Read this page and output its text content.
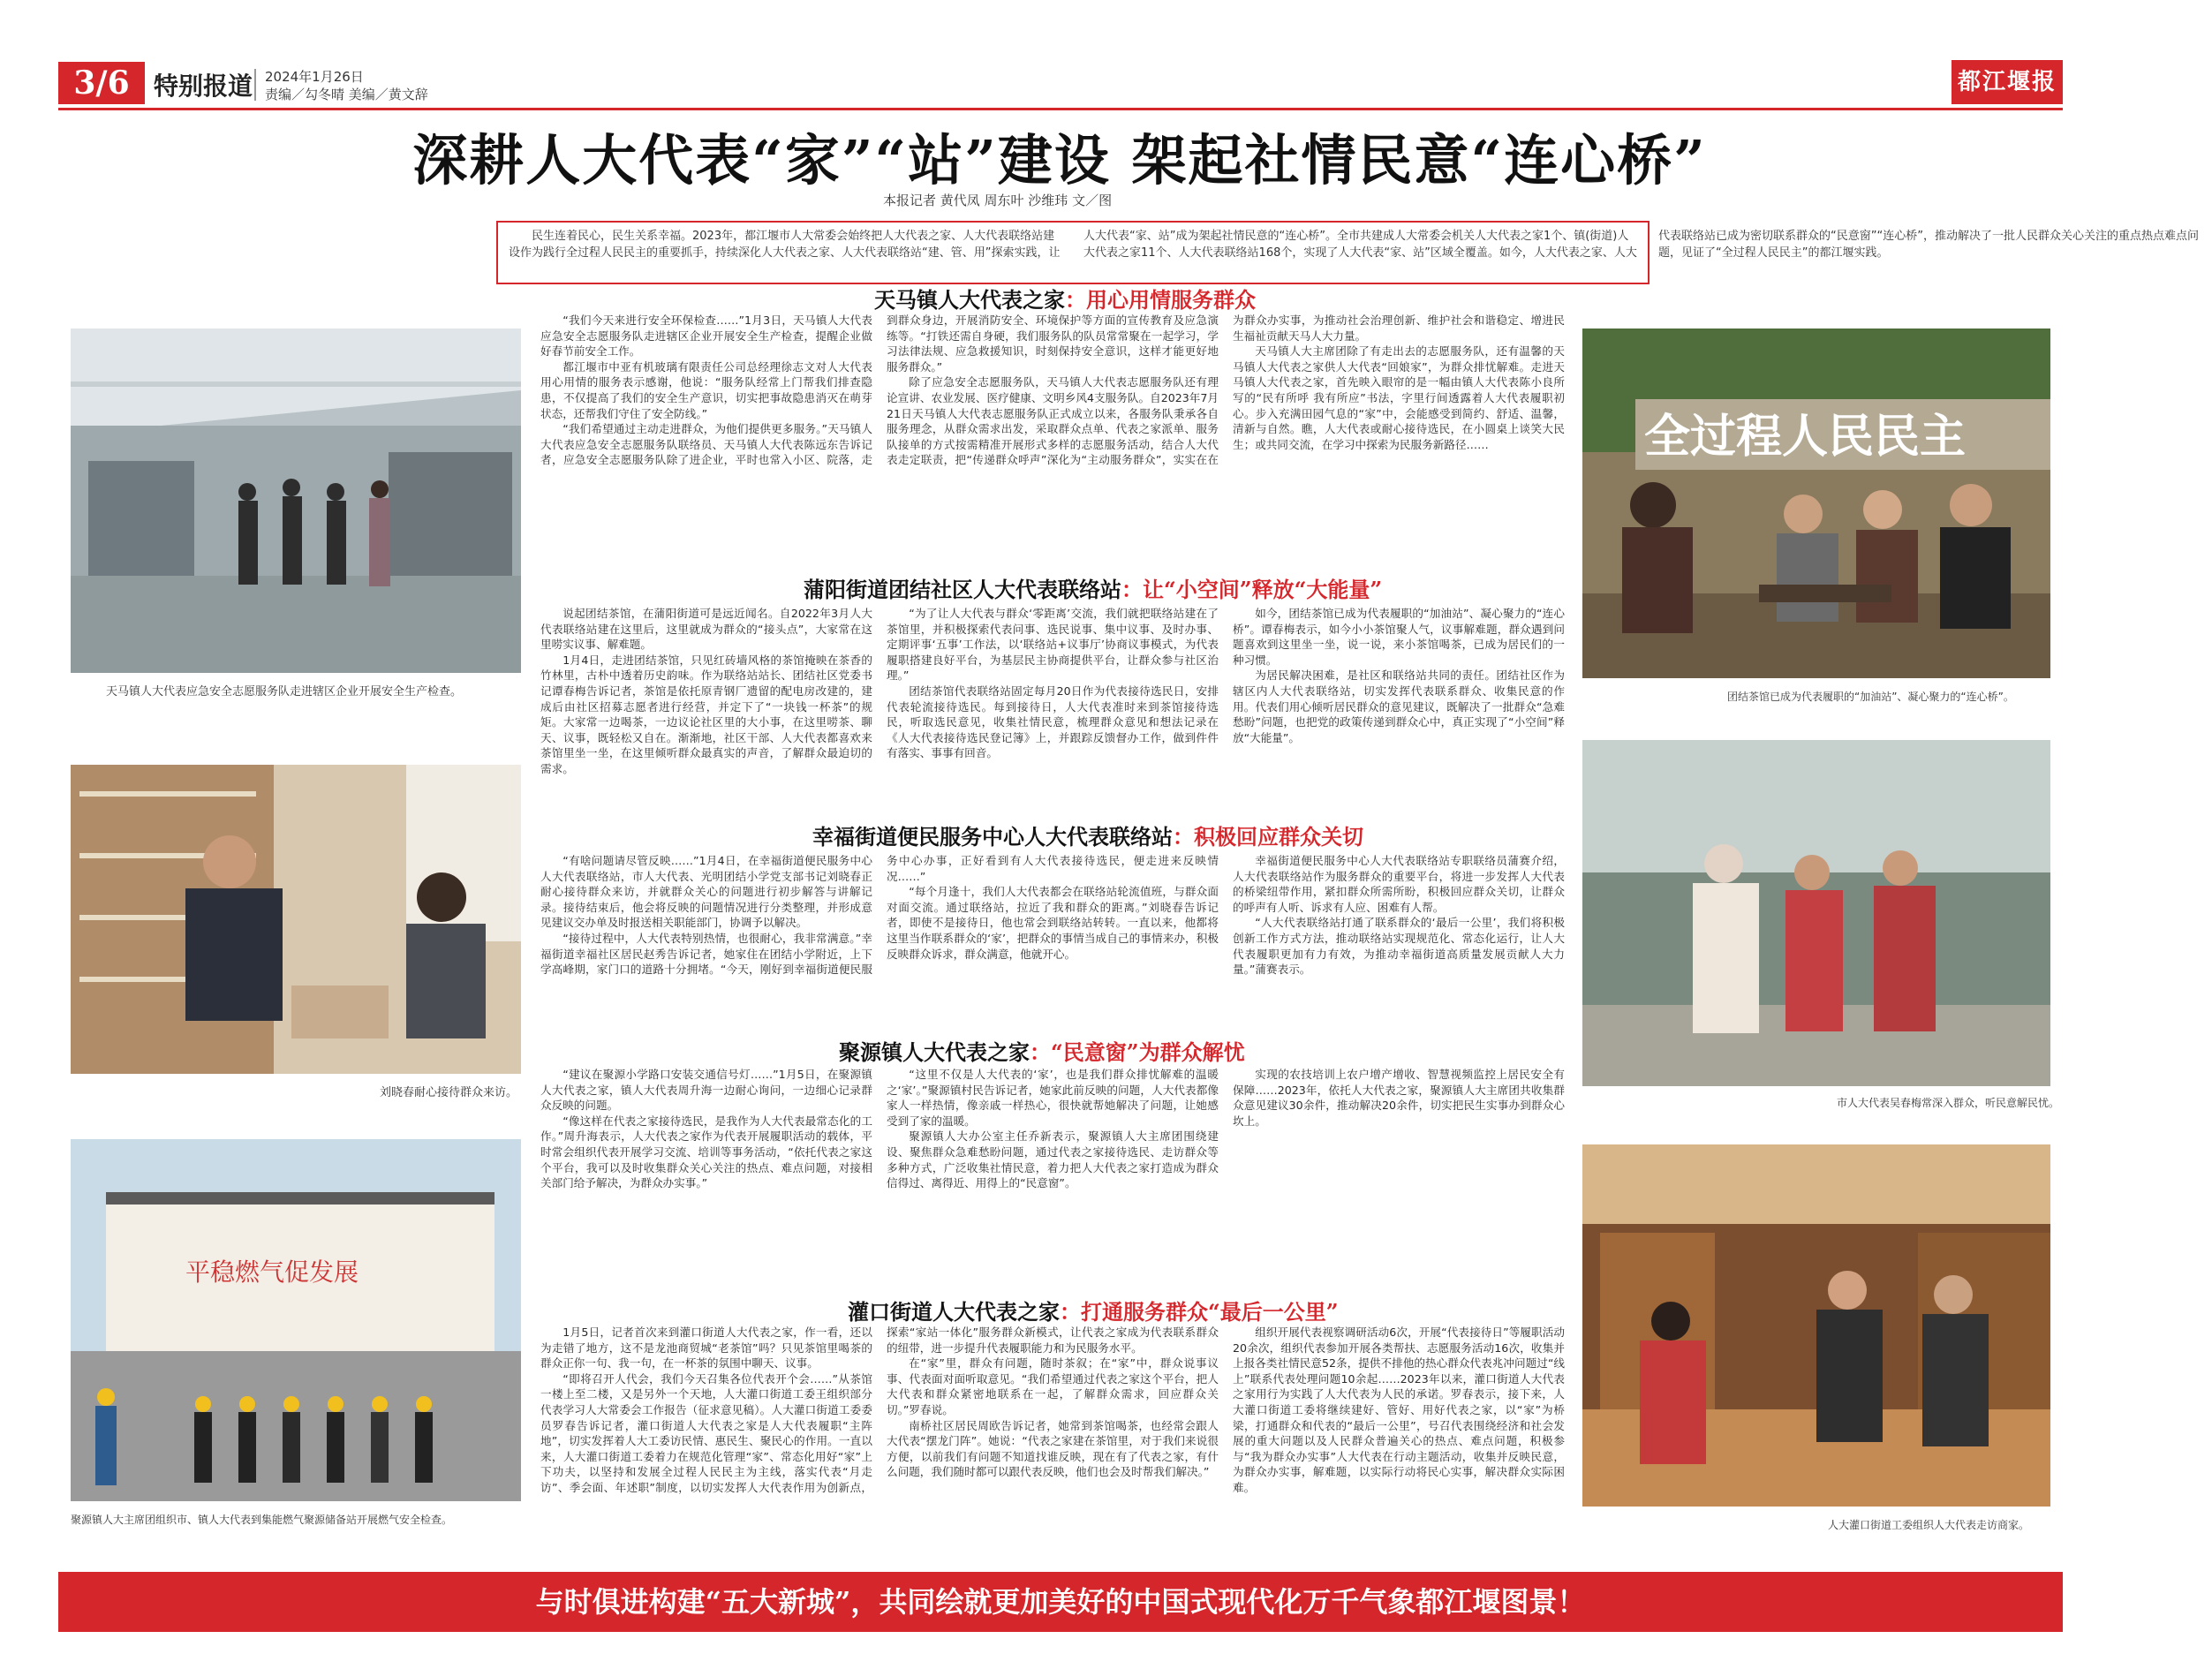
3/6 特别报道 2024年1月26日
责编／勾冬晴 美编／黄文辞	都江堰报
深耕人大代表“家”“站”建设 架起社情民意“连心桥”
本报记者 黄代凤 周东叶 沙维玮 文／图
民生连着民心，民生关系幸福。2023年，都江堰市人大常委会始终把人大代表之家、人大代表联络站建设作为践行全过程人民民主的重要抓手，持续深化人大代表之家、人大代表联络站“建、管、用”探索实践，让人大代表“家、站”成为架起社情民意的“连心桥”。全市共建成人大常委会机关人大代表之家1个、镇(街道)人大代表之家11个、人大代表联络站168个，实现了人大代表“家、站”区域全覆盖。如今，人大代表之家、人大代表联络站已成为密切联系群众的“民意窗”“连心桥”，推动解决了一批人民群众关心关注的重点热点难点问题，见证了“全过程人民民主”的都江堰实践。
天马镇人大代表应急安全志愿服务队走进辖区企业开展安全生产检查。
刘晓春耐心接待群众来访。
平稳燃气促发展
聚源镇人大主席团组织市、镇人大代表到集能燃气聚源储备站开展燃气安全检查。
全过程人民民主
团结茶馆已成为代表履职的“加油站”、凝心聚力的“连心桥”。
市人大代表吴春梅常深入群众，听民意解民忧。
人大灌口街道工委组织人大代表走访商家。
天马镇人大代表之家：用心用情服务群众

“我们今天来进行安全环保检查……”1月3日，天马镇人大代表应急安全志愿服务队走进辖区企业开展安全生产检查，提醒企业做好春节前安全工作。

都江堰市中亚有机玻璃有限责任公司总经理徐志文对人大代表用心用情的服务表示感谢，他说：“服务队经常上门帮我们排查隐患，不仅提高了我们的安全生产意识，切实把事故隐患消灭在萌芽状态，还帮我们守住了安全防线。”

“我们希望通过主动走进群众，为他们提供更多服务。”天马镇人大代表应急安全志愿服务队联络员、天马镇人大代表陈远东告诉记者，应急安全志愿服务队除了进企业，平时也常入小区、院落，走到群众身边，开展消防安全、环境保护等方面的宣传教育及应急演练等。“打铁还需自身硬，我们服务队的队员常常聚在一起学习，学习法律法规、应急救援知识，时刻保持安全意识，这样才能更好地服务群众。”

除了应急安全志愿服务队，天马镇人大代表志愿服务队还有理论宣讲、农业发展、医疗健康、文明乡风4支服务队。自2023年7月21日天马镇人大代表志愿服务队正式成立以来，各服务队秉承各自服务理念，从群众需求出发，采取群众点单、代表之家派单、服务队接单的方式按需精准开展形式多样的志愿服务活动，结合人大代表走定联责，把“传递群众呼声”深化为“主动服务群众”，实实在在为群众办实事，为推动社会治理创新、维护社会和谐稳定、增进民生福祉贡献天马人大力量。

天马镇人大主席团除了有走出去的志愿服务队，还有温馨的天马镇人大代表之家供人大代表“回娘家”，为群众排忧解难。走进天马镇人大代表之家，首先映入眼帘的是一幅由镇人大代表陈小良所写的“民有所呼 我有所应”书法，字里行间透露着人大代表履职初心。步入充满田园气息的“家”中，会能感受到简约、舒适、温馨，清新与自然。瞧，人大代表或耐心接待选民，在小圆桌上谈笑大民生；或共同交流，在学习中探索为民服务新路径……

蒲阳街道团结社区人大代表联络站：让“小空间”释放“大能量”

说起团结茶馆，在蒲阳街道可是远近闻名。自2022年3月人大代表联络站建在这里后，这里就成为群众的“接头点”，大家常在这里唠实议事、解难题。

1月4日，走进团结茶馆，只见红砖墙风格的茶馆掩映在茶香的竹林里，古朴中透着历史韵味。作为联络站站长、团结社区党委书记谭春梅告诉记者，茶馆是依托原青钢厂遗留的配电房改建的，建成后由社区招募志愿者进行经营，并定下了“一块钱一杯茶”的规矩。大家常一边喝茶，一边议论社区里的大小事，在这里唠茶、聊天、议事，既轻松又自在。渐渐地，社区干部、人大代表都喜欢来茶馆里坐一坐，在这里倾听群众最真实的声音，了解群众最迫切的需求。

“为了让人大代表与群众‘零距离’交流，我们就把联络站建在了茶馆里，并积极探索代表问事、选民说事、集中议事、及时办事、定期评事‘五事’工作法，以‘联络站+议事厅’协商议事模式，为代表履职搭建良好平台，为基层民主协商提供平台，让群众参与社区治理。”

团结茶馆代表联络站固定每月20日作为代表接待选民日，安排代表轮流接待选民。每到接待日，人大代表准时来到茶馆接待选民，听取选民意见，收集社情民意，梳理群众意见和想法记录在《人大代表接待选民登记簿》上，并跟踪反馈督办工作，做到件件有落实、事事有回音。

如今，团结茶馆已成为代表履职的“加油站”、凝心聚力的“连心桥”。谭春梅表示，如今小小茶馆聚人气，议事解难题，群众遇到问题喜欢到这里坐一坐，说一说，来小茶馆喝茶，已成为居民们的一种习惯。

为居民解决困难，是社区和联络站共同的责任。团结社区作为辖区内人大代表联络站，切实发挥代表联系群众、收集民意的作用。代表们用心倾听居民群众的意见建议，既解决了一批群众“急难愁盼”问题，也把党的政策传递到群众心中，真正实现了“小空间”释放“大能量”。

幸福街道便民服务中心人大代表联络站：积极回应群众关切

“有啥问题请尽管反映……”1月4日，在幸福街道便民服务中心人大代表联络站，市人大代表、光明团结小学党支部书记刘晓春正耐心接待群众来访，并就群众关心的问题进行初步解答与讲解记录。接待结束后，他会将反映的问题情况进行分类整理，并形成意见建议交办单及时报送相关职能部门，协调予以解决。

“接待过程中，人大代表特别热情，也很耐心，我非常满意。”幸福街道幸福社区居民赵秀告诉记者，她家住在团结小学附近，上下学高峰期，家门口的道路十分拥堵。“今天，刚好到幸福街道便民服务中心办事，正好看到有人大代表接待选民，便走进来反映情况……”

“每个月逢十，我们人大代表都会在联络站轮流值班，与群众面对面交流。通过联络站，拉近了我和群众的距离。”刘晓春告诉记者，即使不是接待日，他也常会到联络站转转。一直以来，他都将这里当作联系群众的‘家’，把群众的事情当成自己的事情来办，积极反映群众诉求，群众满意，他就开心。

幸福街道便民服务中心人大代表联络站专职联络员蒲赛介绍，人大代表联络站作为服务群众的重要平台，将进一步发挥人大代表的桥梁纽带作用，紧扣群众所需所盼，积极回应群众关切，让群众的呼声有人听、诉求有人应、困难有人帮。

“人大代表联络站打通了联系群众的‘最后一公里’，我们将积极创新工作方式方法，推动联络站实现规范化、常态化运行，让人大代表履职更加有力有效，为推动幸福街道高质量发展贡献人大力量。”蒲赛表示。

聚源镇人大代表之家：“民意窗”为群众解忧

“建议在聚源小学路口安装交通信号灯……”1月5日，在聚源镇人大代表之家，镇人大代表周升海一边耐心询问，一边细心记录群众反映的问题。

“像这样在代表之家接待选民，是我作为人大代表最常态化的工作。”周升海表示，人大代表之家作为代表开展履职活动的载体，平时常会组织代表开展学习交流、培训等事务活动，“依托代表之家这个平台，我可以及时收集群众关心关注的热点、难点问题，对接相关部门给予解决，为群众办实事。”

“这里不仅是人大代表的‘家’，也是我们群众排忧解难的温暖之‘家’。”聚源镇村民告诉记者，她家此前反映的问题，人大代表都像家人一样热情，像亲戚一样热心，很快就帮她解决了问题，让她感受到了家的温暖。

聚源镇人大办公室主任乔新表示，聚源镇人大主席团围绕建设、聚焦群众急难愁盼问题，通过代表之家接待选民、走访群众等多种方式，广泛收集社情民意，着力把人大代表之家打造成为群众信得过、离得近、用得上的“民意窗”。

实现的农技培训上农户增产增收、智慧视频监控上居民安全有保障……2023年，依托人大代表之家，聚源镇人大主席团共收集群众意见建议30余件，推动解决20余件，切实把民生实事办到群众心坎上。

灌口街道人大代表之家：打通服务群众“最后一公里”

1月5日，记者首次来到灌口街道人大代表之家，作一看，还以为走错了地方，这不是龙池商贸城“老茶馆”吗？只见茶馆里喝茶的群众正你一句、我一句，在一杯茶的氛围中聊天、议事。

“即将召开人代会，我们今天召集各位代表开个会……”从茶馆一楼上至二楼，又是另外一个天地，人大灌口街道工委王组织部分代表学习人大常委会工作报告（征求意见稿）。人大灌口街道工委委员罗春告诉记者，灌口街道人大代表之家是人大代表履职“主阵地”，切实发挥着人大工委访民情、惠民生、聚民心的作用。一直以来，人大灌口街道工委着力在规范化管理“家”、常态化用好“家”上下功夫，以坚持和发展全过程人民民主为主线，落实代表“月走访”、季会面、年述职”制度，以切实发挥人大代表作用为创新点，探索“家站一体化”服务群众新模式，让代表之家成为代表联系群众的纽带，进一步提升代表履职能力和为民服务水平。

在“家”里，群众有问题，随时茶叙；在“家”中，群众说事议事、代表面对面听取意见。“我们希望通过代表之家这个平台，把人大代表和群众紧密地联系在一起，了解群众需求，回应群众关切。”罗春说。

南桥社区居民周欧告诉记者，她常到茶馆喝茶，也经常会跟人大代表“摆龙门阵”。她说：“代表之家建在茶馆里，对于我们来说很方便，以前我们有问题不知道找谁反映，现在有了代表之家，有什么问题，我们随时都可以跟代表反映，他们也会及时帮我们解决。”

组织开展代表视察调研活动6次，开展“代表接待日”等履职活动20余次，组织代表参加开展各类帮扶、志愿服务活动16次，收集并上报各类社情民意52条，提供不排他的热心群众代表兆冲问题过“线上”联系代表处理问题10余起……2023年以来，灌口街道人大代表之家用行为实践了人大代表为人民的承诺。罗春表示，接下来，人大灌口街道工委将继续建好、管好、用好代表之家，以“家”为桥梁，打通群众和代表的“最后一公里”，号召代表围绕经济和社会发展的重大问题以及人民群众普遍关心的热点、难点问题，积极参与“我为群众办实事”人大代表在行动主题活动，收集并反映民意，为群众办实事，解难题，以实际行动将民心实事，解决群众实际困难。

与时俱进构建“五大新城”，共同绘就更加美好的中国式现代化万千气象都江堰图景！
